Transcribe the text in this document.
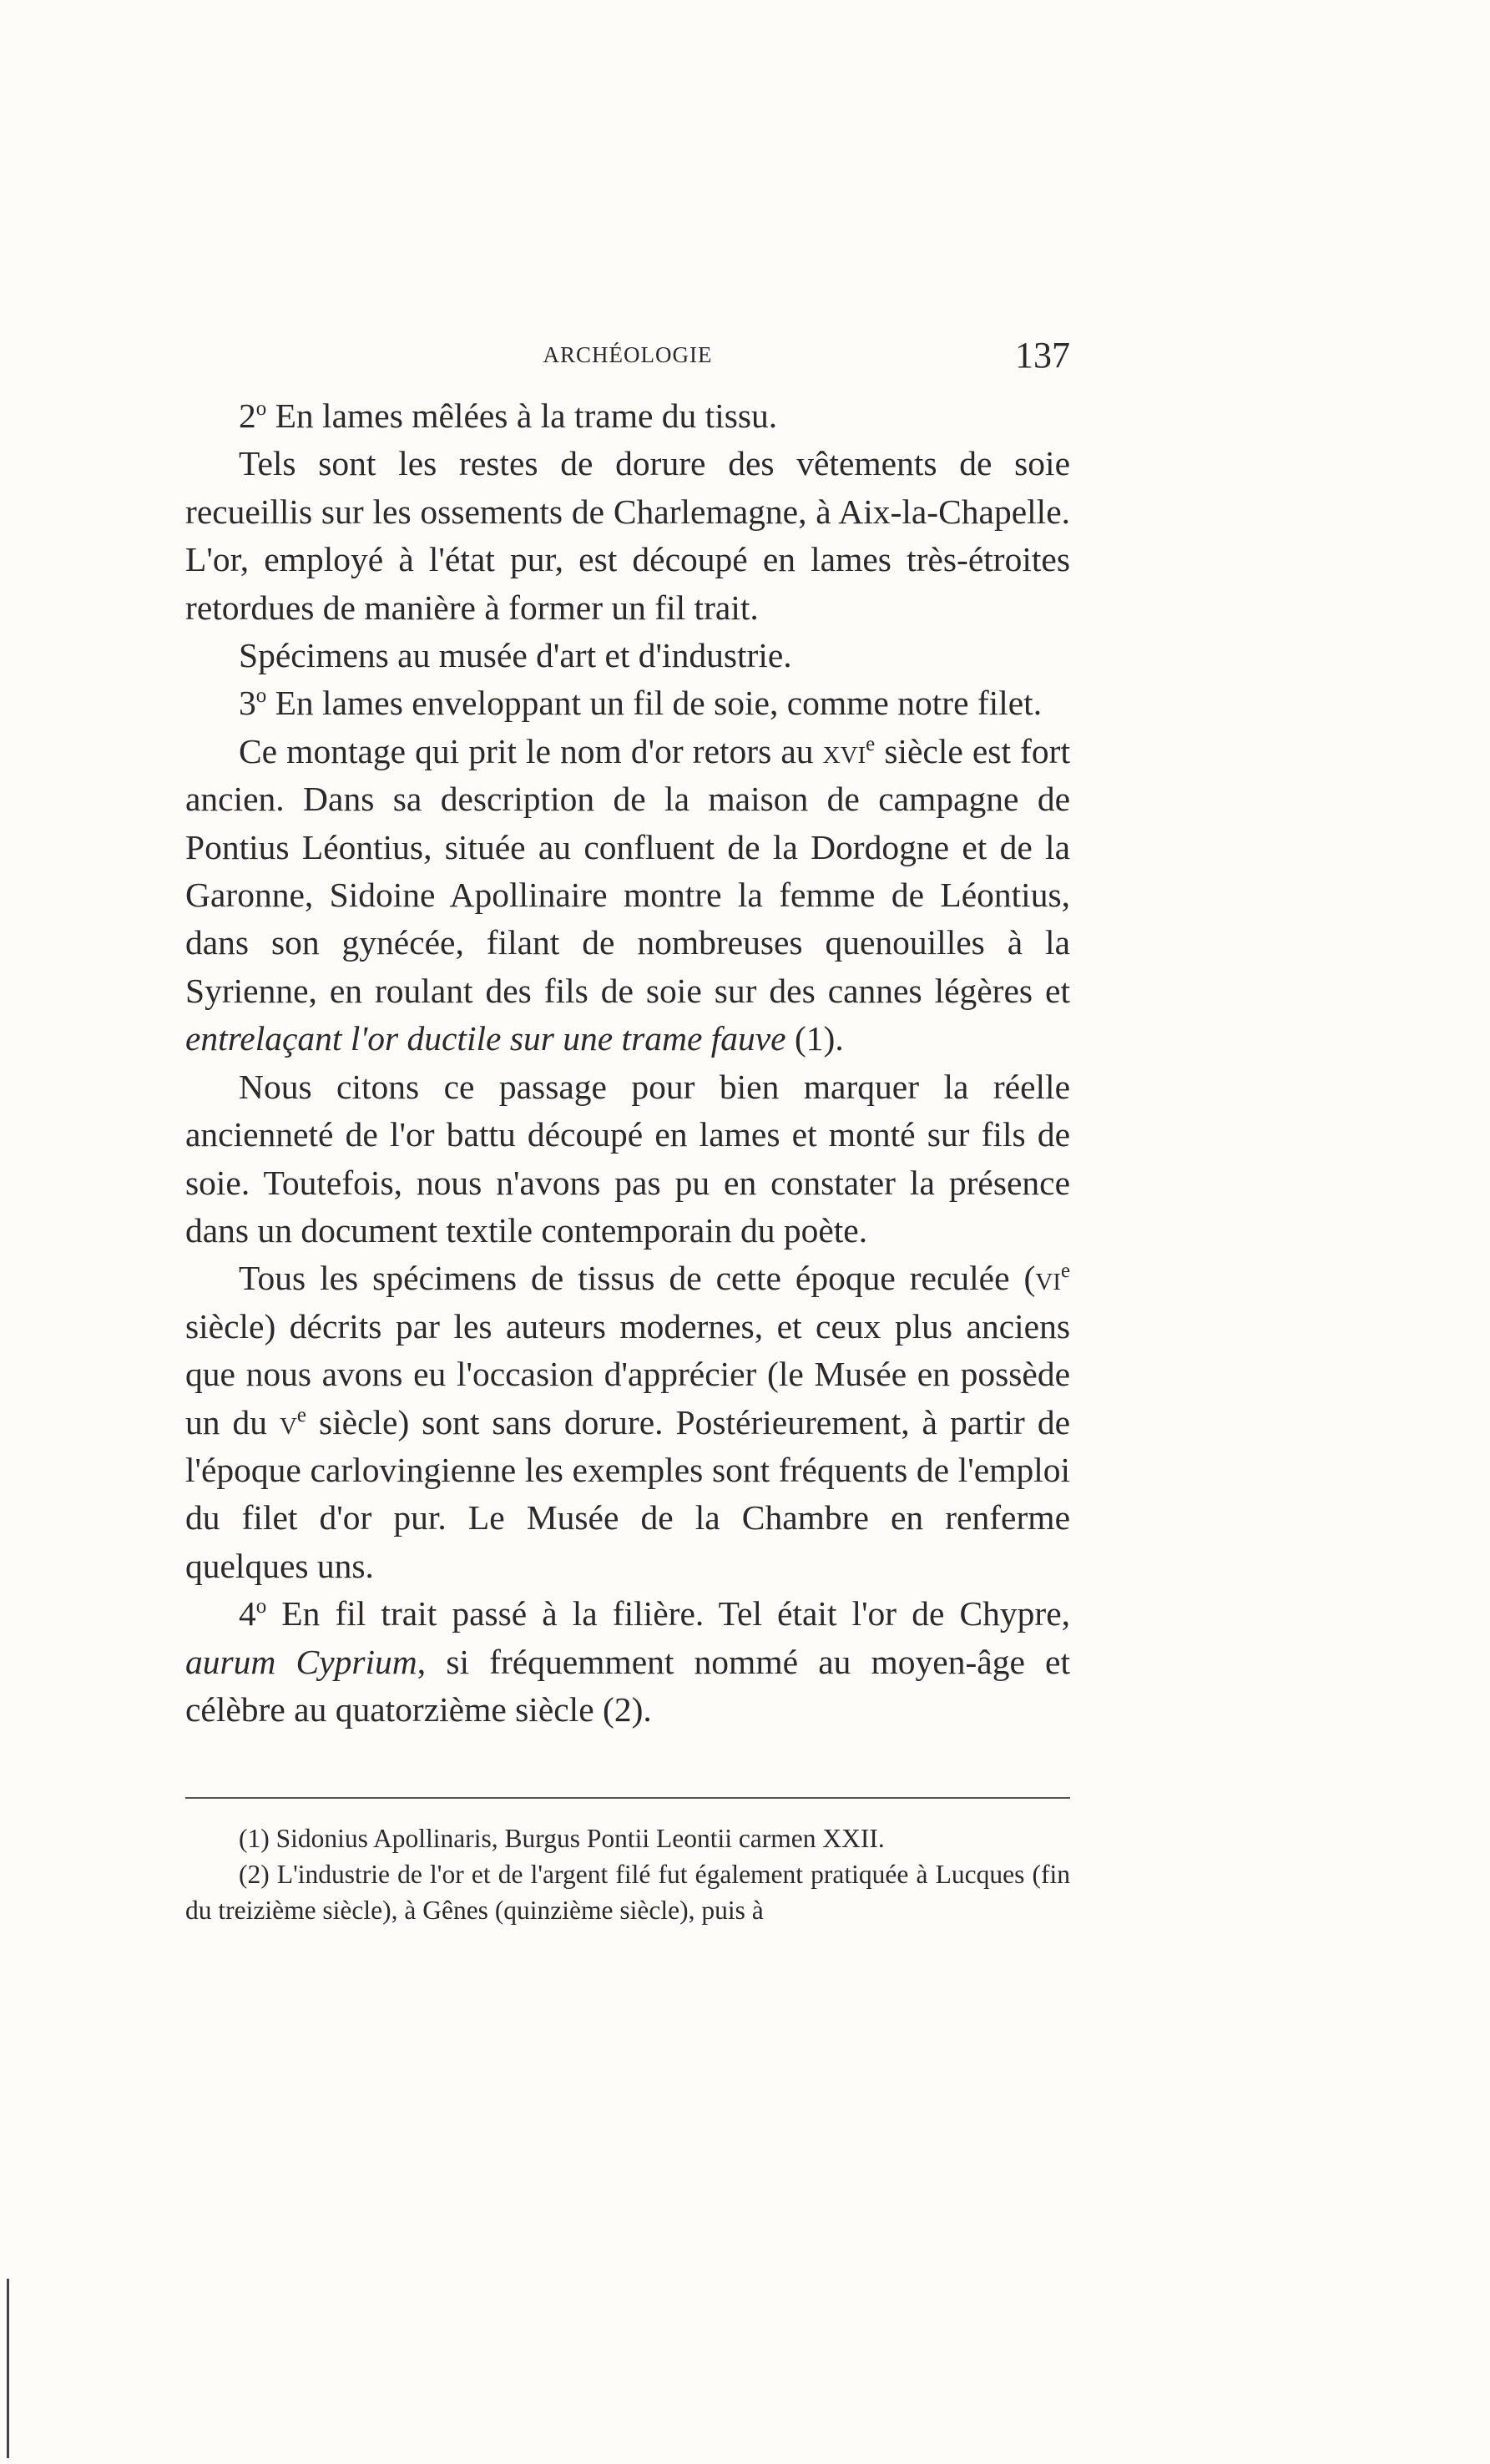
ARCHÉOLOGIE	137

2$^o$ En lames mêlées à la trame du tissu.

Tels sont les restes de dorure des vêtements de soie recueillis sur les ossements de Charlemagne, à Aix-la-Chapelle. L'or, employé à l'état pur, est découpé en lames très-étroites retordues de manière à former un fil trait.

Spécimens au musée d'art et d'industrie.

3$^o$ En lames enveloppant un fil de soie, comme notre filet.

Ce montage qui prit le nom d'or retors au xvi$^e$ siècle est fort ancien. Dans sa description de la maison de campagne de Pontius Léontius, située au confluent de la Dordogne et de la Garonne, Sidoine Apollinaire montre la femme de Léontius, dans son gynécée, filant de nombreuses quenouilles à la Syrienne, en roulant des fils de soie sur des cannes légères et entrelaçant l'or ductile sur une trame fauve (1).

Nous citons ce passage pour bien marquer la réelle ancienneté de l'or battu découpé en lames et monté sur fils de soie. Toutefois, nous n'avons pas pu en constater la présence dans un document textile contemporain du poète.

Tous les spécimens de tissus de cette époque reculée ($vi^e$ siècle) décrits par les auteurs modernes, et ceux plus anciens que nous avons eu l'occasion d'apprécier (le Musée en possède un du $v^e$ siècle) sont sans dorure. Postérieurement, à partir de l'époque carlovingienne les exemples sont fréquents de l'emploi du filet d'or pur. Le Musée de la Chambre en renferme quelques uns.

4$^o$ En fil trait passé à la filière. Tel était l'or de Chypre, aurum Cyprium, si fréquemment nommé au moyen-âge et célèbre au quatorzième siècle (2).

(1) Sidonius Apollinaris, Burgus Pontii Leontii carmen XXII.

(2) L'industrie de l'or et de l'argent filé fut également pratiquée à Lucques (fin du treizième siècle), à Gênes (quinzième siècle), puis à
